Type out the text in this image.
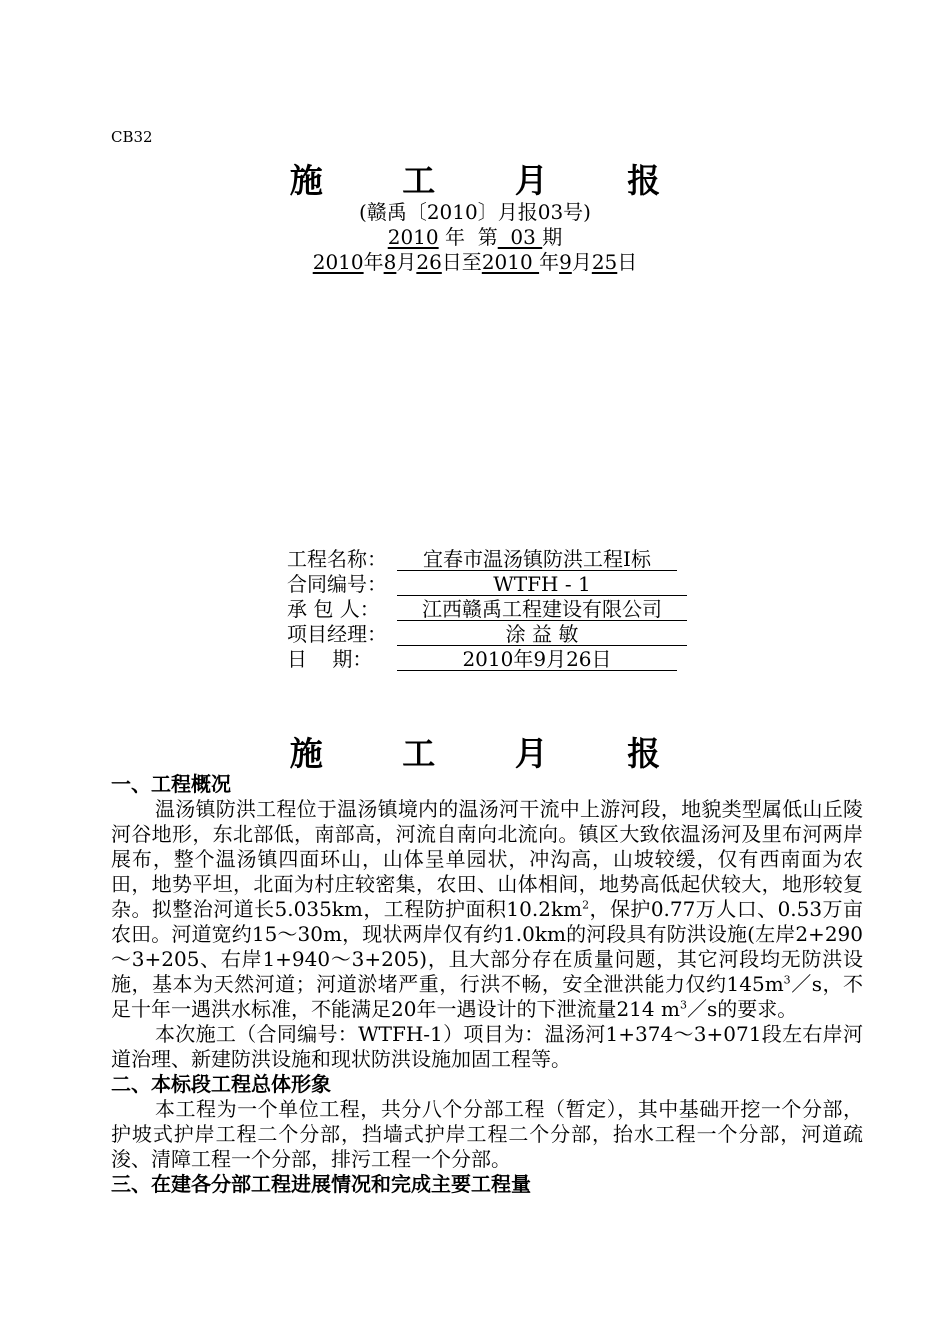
CB32
施 工 月 报
(赣禹〔2010〕月报03号)
2010 年  第  03 期
2010年8月26日至2010 年9月25日
工程名称： 宜春市温汤镇防洪工程Ⅰ标
合同编号：	WTFH - 1
承 包 人： 江西赣禹工程建设有限公司
项目经理：	涂 益 敏
日    期：	2010年9月26日
施 工 月 报
一、工程概况

温汤镇防洪工程位于温汤镇境内的温汤河干流中上游河段，地貌类型属低山丘陵河谷地形，东北部低，南部高，河流自南向北流向。镇区大致依温汤河及里布河两岸展布，整个温汤镇四面环山，山体呈单园状，冲沟高，山坡较缓，仅有西南面为农田，地势平坦，北面为村庄较密集，农田、山体相间，地势高低起伏较大，地形较复杂。拟整治河道长5.035km，工程防护面积$10.2km^2$，保护0.77万人口、0.53万亩农田。河道宽约15～30m，现状两岸仅有约1.0km的河段具有防洪设施(左岸2+290～3+205、右岸1+940～3+205)，且大部分存在质量问题，其它河段均无防洪设施，基本为天然河道；河道淤堵严重，行洪不畅，安全泄洪能力仅约$145m^3/s$，不足十年一遇洪水标准，不能满足20年一遇设计的下泄流量214 $m^3/s$的要求。

本次施工（合同编号：WTFH-1）项目为：温汤河1+374～3+071段左右岸河道治理、新建防洪设施和现状防洪设施加固工程等。

二、本标段工程总体形象

本工程为一个单位工程，共分八个分部工程（暂定），其中基础开挖一个分部，护坡式护岸工程二个分部，挡墙式护岸工程二个分部，抬水工程一个分部，河道疏浚、清障工程一个分部，排污工程一个分部。

三、在建各分部工程进展情况和完成主要工程量
